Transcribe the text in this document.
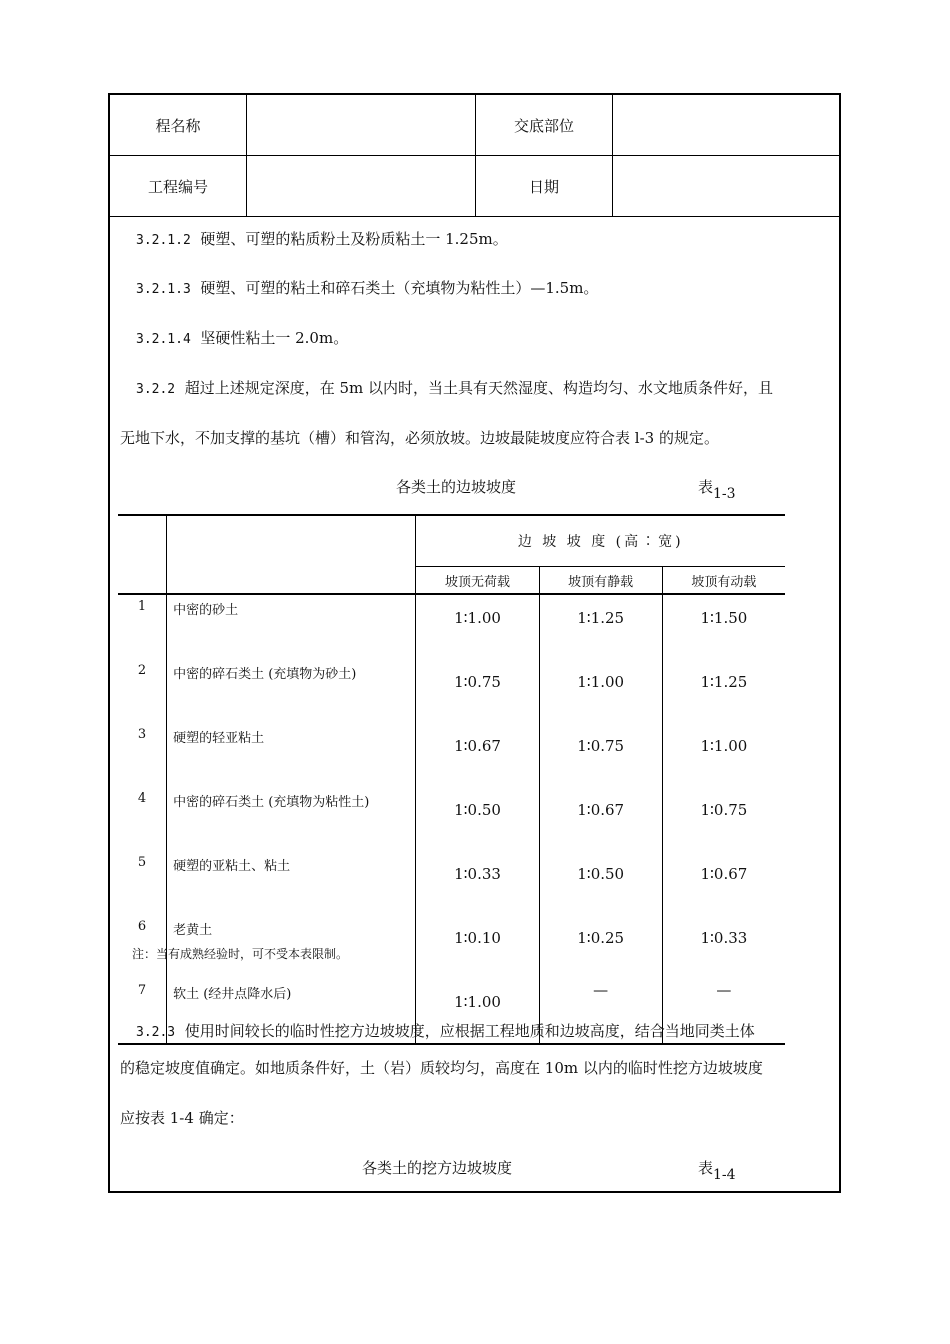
程名称		交底部位	
工程编号		日期	
3.2.1.2 硬塑、可塑的粘质粉土及粉质粘土一 1.25m。
3.2.1.3 硬塑、可塑的粘土和碎石类土（充填物为粘性土）—1.5m。
3.2.1.4 坚硬性粘土一 2.0m。
3.2.2 超过上述规定深度，在 5m 以内时，当土具有天然湿度、构造均匀、水文地质条件好，且
无地下水，不加支撑的基坑（槽）和管沟，必须放坡。边坡最陡坡度应符合表 l-3 的规定。
各类土的边坡坡度	表$_{1-3}$
		边 坡 坡 度 (高∶宽)		
		坡顶无荷载	坡顶有静载	坡顶有动载
1	中密的砂土	1∶1.00	1∶1.25	1∶1.50
2	中密的碎石类土 (充填物为砂土)	1∶0.75	1∶1.00	1∶1.25
3	硬塑的轻亚粘土	1∶0.67	1∶0.75	1∶1.00
4	中密的碎石类土 (充填物为粘性土)	1∶0.50	1∶0.67	1∶0.75
5	硬塑的亚粘土、粘土	1∶0.33	1∶0.50	1∶0.67
6	老黄土	1∶0.10	1∶0.25	1∶0.33
7	软土 (经井点降水后)	1∶1.00	—	—
注：当有成熟经验时，可不受本表限制。
3.2.3 使用时间较长的临时性挖方边坡坡度，应根据工程地质和边坡高度，结合当地同类土体
的稳定坡度值确定。如地质条件好，土（岩）质较均匀，高度在 10m 以内的临时性挖方边坡坡度
应按表 1-4 确定：
各类土的挖方边坡坡度	表$_{1-4}$
